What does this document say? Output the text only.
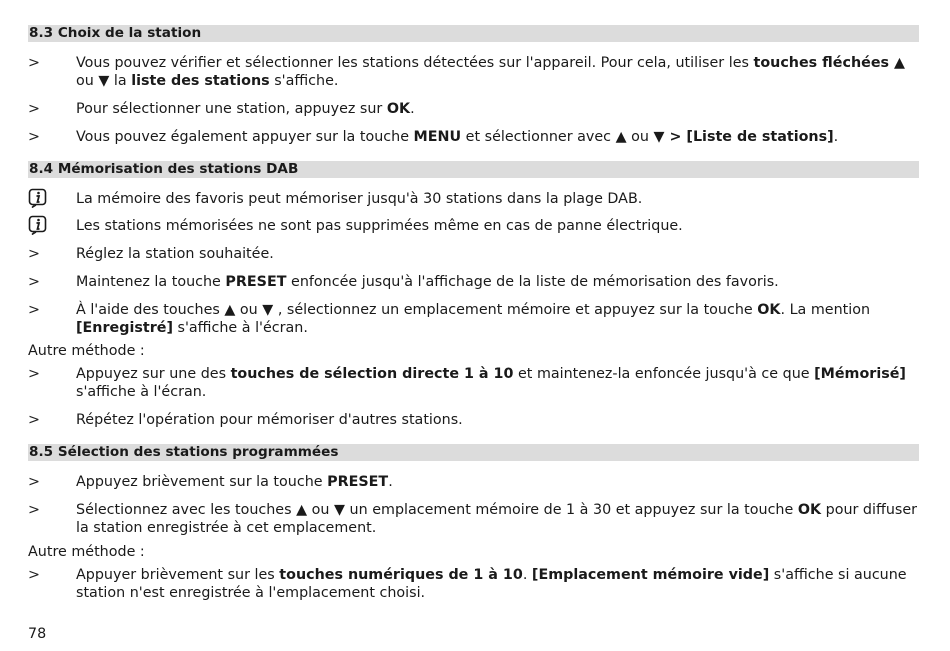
8.3 Choix de la station
>	Vous pouvez vérifier et sélectionner les stations détectées sur l'appareil. Pour cela, utiliser les touches fléchées ▲ ou ▼ la liste des stations s'affiche.
>	Pour sélectionner une station, appuyez sur OK.
>	Vous pouvez également appuyer sur la touche MENU et sélectionner avec ▲ ou ▼ > [Liste de stations].
8.4 Mémorisation des stations DAB
La mémoire des favoris peut mémoriser jusqu'à 30 stations dans la plage DAB.
Les stations mémorisées ne sont pas supprimées même en cas de panne électrique.
>	Réglez la station souhaitée.
>	Maintenez la touche PRESET enfoncée jusqu'à l'affichage de la liste de mémorisation des favoris.
>	À l'aide des touches ▲ ou ▼ , sélectionnez un emplacement mémoire et appuyez sur la touche OK. La mention [Enregistré] s'affiche à l'écran.
Autre méthode :
>	Appuyez sur une des touches de sélection directe 1 à 10 et maintenez-la enfoncée jusqu'à ce que [Mémorisé] s'affiche à l'écran.
>	Répétez l'opération pour mémoriser d'autres stations.
8.5 Sélection des stations programmées
>	Appuyez brièvement sur la touche PRESET.
>	Sélectionnez avec les touches ▲ ou ▼ un emplacement mémoire de 1 à 30 et appuyez sur la touche OK pour diffuser la station enregistrée à cet emplacement.
Autre méthode :
>	Appuyer brièvement sur les touches numériques de 1 à 10. [Emplacement mémoire vide] s'affiche si aucune station n'est enregistrée à l'emplacement choisi.
78
